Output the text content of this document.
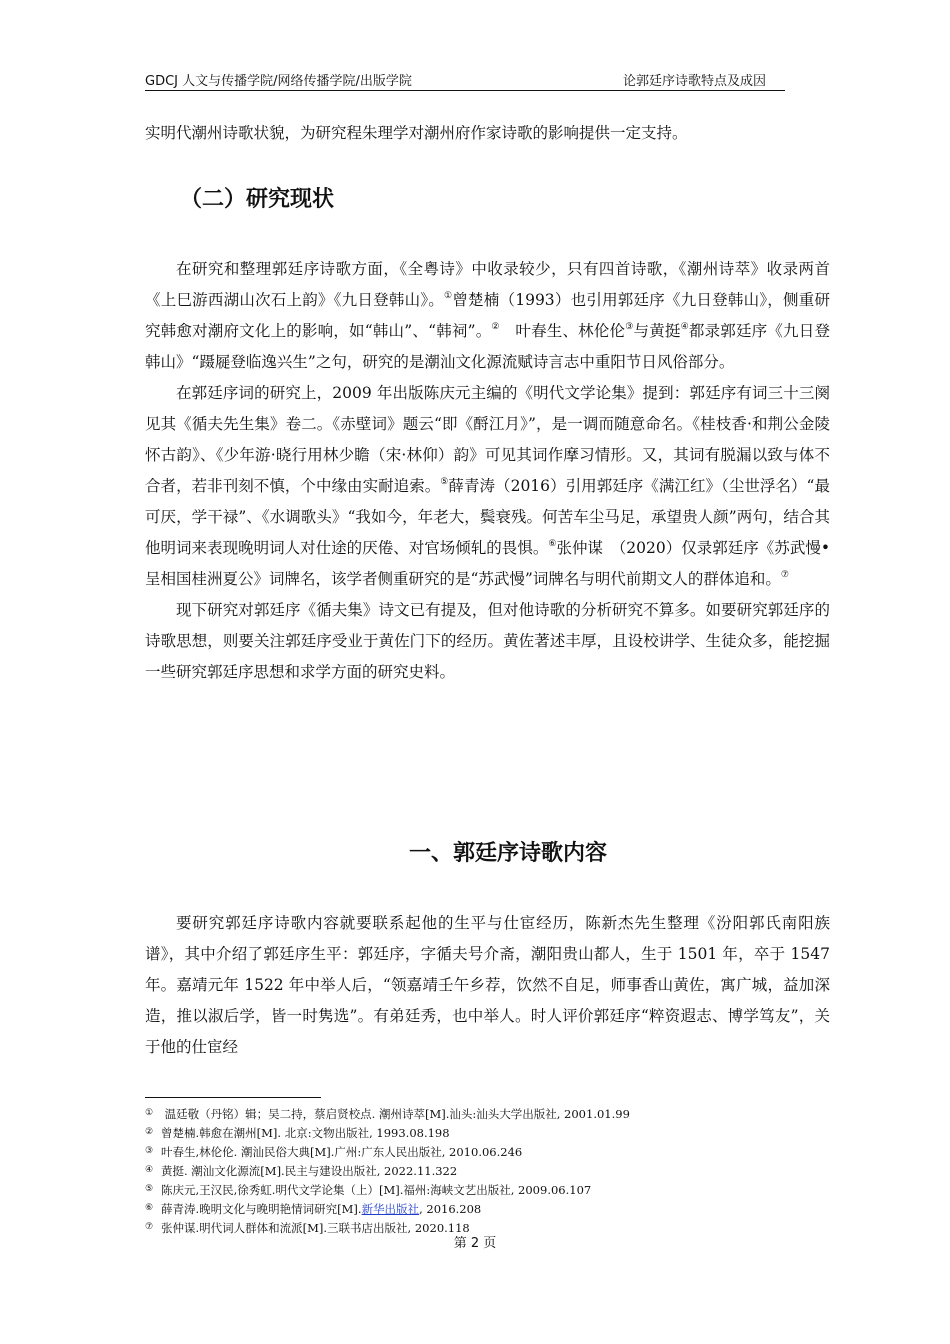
GDCJ 人文与传播学院/网络传播学院/出版学院	论郭廷序诗歌特点及成因

实明代潮州诗歌状貌，为研究程朱理学对潮州府作家诗歌的影响提供一定支持。

（二）研究现状

在研究和整理郭廷序诗歌方面，《全粤诗》中收录较少，只有四首诗歌，《潮州诗萃》收录两首《上巳游西湖山次石上韵》《九日登韩山》。①曾楚楠（1993）也引用郭廷序《九日登韩山》，侧重研究韩愈对潮府文化上的影响，如“韩山”、“韩祠”。②　叶春生、林伦伦③与黄挺④都录郭廷序《九日登韩山》“蹑屣登临逸兴生”之句，研究的是潮汕文化源流赋诗言志中重阳节日风俗部分。

在郭廷序词的研究上，2009 年出版陈庆元主编的《明代文学论集》提到：郭廷序有词三十三阕见其《循夫先生集》卷二。《赤壁词》题云“即《酹江月》”，是一调而随意命名。《桂枝香·和荆公金陵怀古韵》、《少年游·晓行用林少瞻（宋·林仰）韵》可见其词作摩习情形。又，其词有脱漏以致与体不合者，若非刊刻不慎，个中缘由实耐追索。⑤薛青涛（2016）引用郭廷序《满江红》（尘世浮名）“最可厌，学干禄”、《水调歌头》“我如今，年老大，鬓衰残。何苦车尘马足，承望贵人颜”两句，结合其他明词来表现晚明词人对仕途的厌倦、对官场倾轧的畏惧。⑥张仲谋　（2020）仅录郭廷序《苏武慢•呈相国桂洲夏公》词牌名，该学者侧重研究的是“苏武慢”词牌名与明代前期文人的群体追和。⑦

现下研究对郭廷序《循夫集》诗文已有提及，但对他诗歌的分析研究不算多。如要研究郭廷序的诗歌思想，则要关注郭廷序受业于黄佐门下的经历。黄佐著述丰厚，且设校讲学、生徒众多，能挖掘一些研究郭廷序思想和求学方面的研究史料。

一、郭廷序诗歌内容

要研究郭廷序诗歌内容就要联系起他的生平与仕宦经历，陈新杰先生整理《汾阳郭氏南阳族谱》，其中介绍了郭廷序生平：郭廷序，字循夫号介斋，潮阳贵山都人，生于 1501 年，卒于 1547 年。嘉靖元年 1522 年中举人后，“领嘉靖壬午乡荐，饮然不自足，师事香山黄佐，寓广城，益加深造，推以淑后学，皆一时隽选”。有弟廷秀，也中举人。时人评价郭廷序“粹资遐志、博学笃友”，关于他的仕宦经

① 温廷敬（丹铭）辑；吴二持，蔡启贤校点. 潮州诗萃[M].汕头:汕头大学出版社, 2001.01.99
② 曾楚楠.韩愈在潮州[M]. 北京:文物出版社, 1993.08.198
③ 叶春生,林伦伦. 潮汕民俗大典[M].广州:广东人民出版社, 2010.06.246
④ 黄挺. 潮汕文化源流[M].民主与建设出版社, 2022.11.322
⑤ 陈庆元,王汉民,徐秀虹.明代文学论集（上）[M].福州:海峡文艺出版社, 2009.06.107
⑥ 薛青涛.晚明文化与晚明艳情词研究[M].新华出版社, 2016.208
⑦ 张仲谋.明代词人群体和流派[M].三联书店出版社, 2020.118
第 2 页
